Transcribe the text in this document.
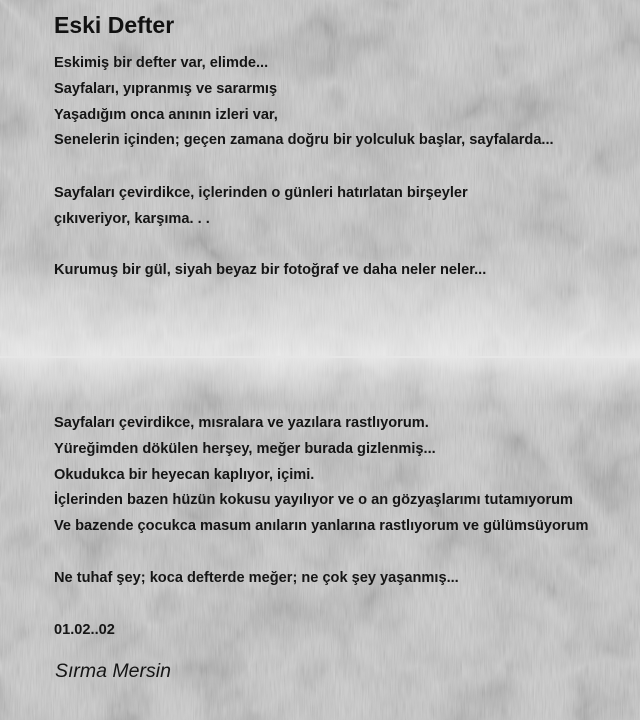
Eski Defter
Eskimiş bir defter var, elimde...
Sayfaları, yıpranmış ve sararmış
Yaşadığım onca anının izleri var,
Senelerin içinden; geçen zamana doğru bir yolculuk başlar, sayfalarda...
Sayfaları çevirdikce, içlerinden o günleri hatırlatan birşeyler
çıkıveriyor, karşıma. . .
Kurumuş bir gül, siyah beyaz bir fotoğraf ve daha neler neler...
Sayfaları çevirdikce, mısralara ve yazılara rastlıyorum.
Yüreğimden dökülen herşey, meğer burada gizlenmiş...
Okudukca bir heyecan kaplıyor, içimi.
İçlerinden bazen hüzün kokusu yayılıyor ve o an gözyaşlarımı tutamıyorum
Ve bazende çocukca masum anıların yanlarına rastlıyorum ve gülümsüyorum
Ne tuhaf şey; koca defterde meğer; ne çok şey yaşanmış...
01.02..02
Sırma Mersin
